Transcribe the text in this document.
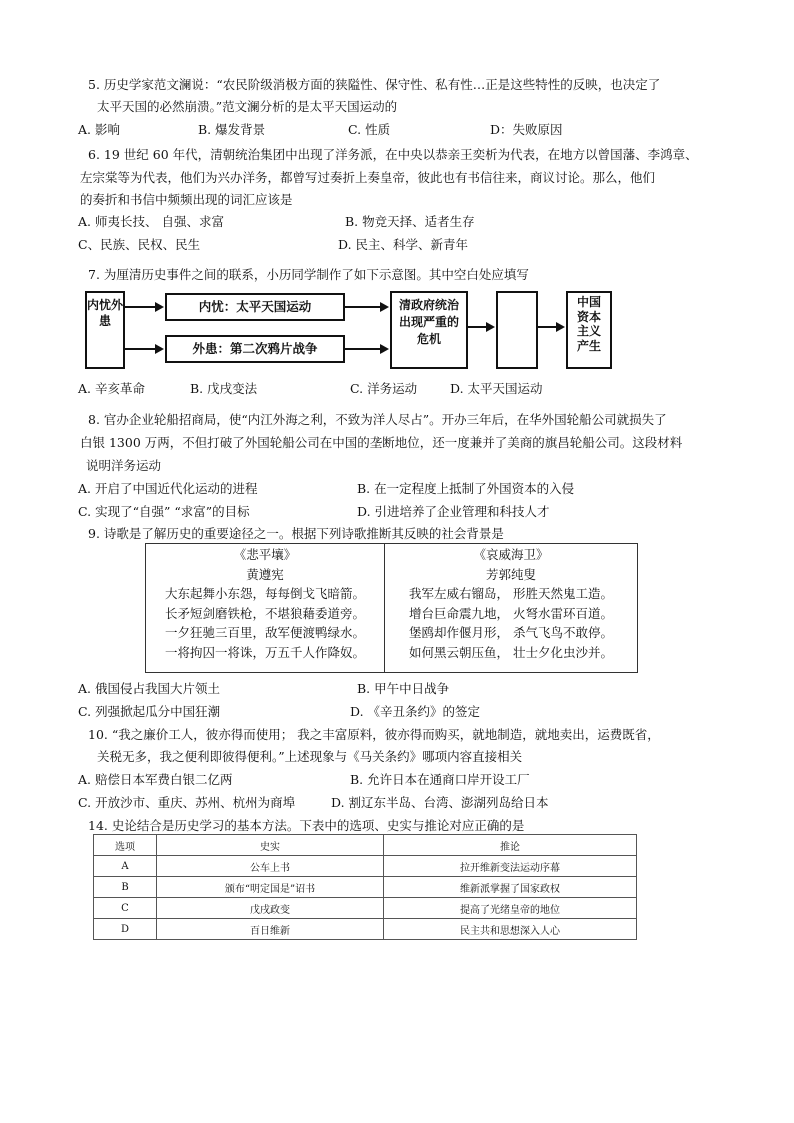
5. 历史学家范文澜说：“农民阶级消极方面的狭隘性、保守性、私有性…正是这些特性的反映，也决定了
太平天国的必然崩溃。”范文澜分析的是太平天国运动的
A. 影响	B. 爆发背景	C. 性质	D：失败原因
6. 19 世纪 60 年代，清朝统治集团中出现了洋务派，在中央以恭亲王奕析为代表，在地方以曾国藩、李鸿章、
左宗棠等为代表，他们为兴办洋务，都曾写过奏折上奏皇帝，彼此也有书信往来，商议讨论。那么，他们
的奏折和书信中频频出现的词汇应该是
A. 师夷长技、 自强、求富	B. 物竞天择、适者生存
C、民族、民权、民生	D. 民主、科学、新青年
7. 为厘清历史事件之间的联系，小历同学制作了如下示意图。其中空白处应填写
内忧外患
内忧：太平天国运动
外患：第二次鸦片战争
清政府统治出现严重的危机
中国资本主义产生
A. 辛亥革命	B. 戊戌变法	C. 洋务运动	D. 太平天国运动
8. 官办企业轮船招商局，使“内江外海之利，不致为洋人尽占”。开办三年后，在华外国轮船公司就损失了
白银 1300 万两，不但打破了外国轮船公司在中国的垄断地位，还一度兼并了美商的旗昌轮船公司。这段材料
说明洋务运动
A. 开启了中国近代化运动的进程	B. 在一定程度上抵制了外国资本的入侵
C. 实现了“自强” “求富”的目标	D. 引进培养了企业管理和科技人才
9. 诗歌是了解历史的重要途径之一。根据下列诗歌推断其反映的社会背景是
《悲平壤》
黄遵宪
大东起舞小东怨，每每倒戈飞暗箭。
长矛短剑磨铁枪，不堪狼藉委道旁。
一夕狂驰三百里，敌军便渡鸭绿水。
一将拘囚一将诛，万五千人作降奴。
《哀威海卫》
芳郭纯叟
我军左威右镏岛， 形胜天然鬼工造。
增台巨命震九地， 火弩水雷环百道。
堡鸥却作偃月形， 杀气飞鸟不敢停。
如何黑云朝压鱼， 壮士夕化虫沙并。
A. 俄国侵占我国大片领土	B. 甲午中日战争
C. 列强掀起瓜分中国狂潮	D. 《辛丑条约》的签定
10. “我之廉价工人，彼亦得而使用； 我之丰富原料，彼亦得而购买，就地制造，就地卖出，运费既省，
关税无多，我之便利即彼得便利。”上述现象与《马关条约》哪项内容直接相关
A. 赔偿日本军费白银二亿两	B. 允许日本在通商口岸开设工厂
C. 开放沙市、重庆、苏州、杭州为商埠	D. 割辽东半岛、台湾、澎湖列岛给日本
14. 史论结合是历史学习的基本方法。下表中的选项、史实与推论对应正确的是
选项	史实	推论
A	公车上书	拉开维新变法运动序幕
B	颁布“明定国是”诏书	维新派掌握了国家政权
C	戊戌政变	提高了光绪皇帝的地位
D	百日维新	民主共和思想深入人心
